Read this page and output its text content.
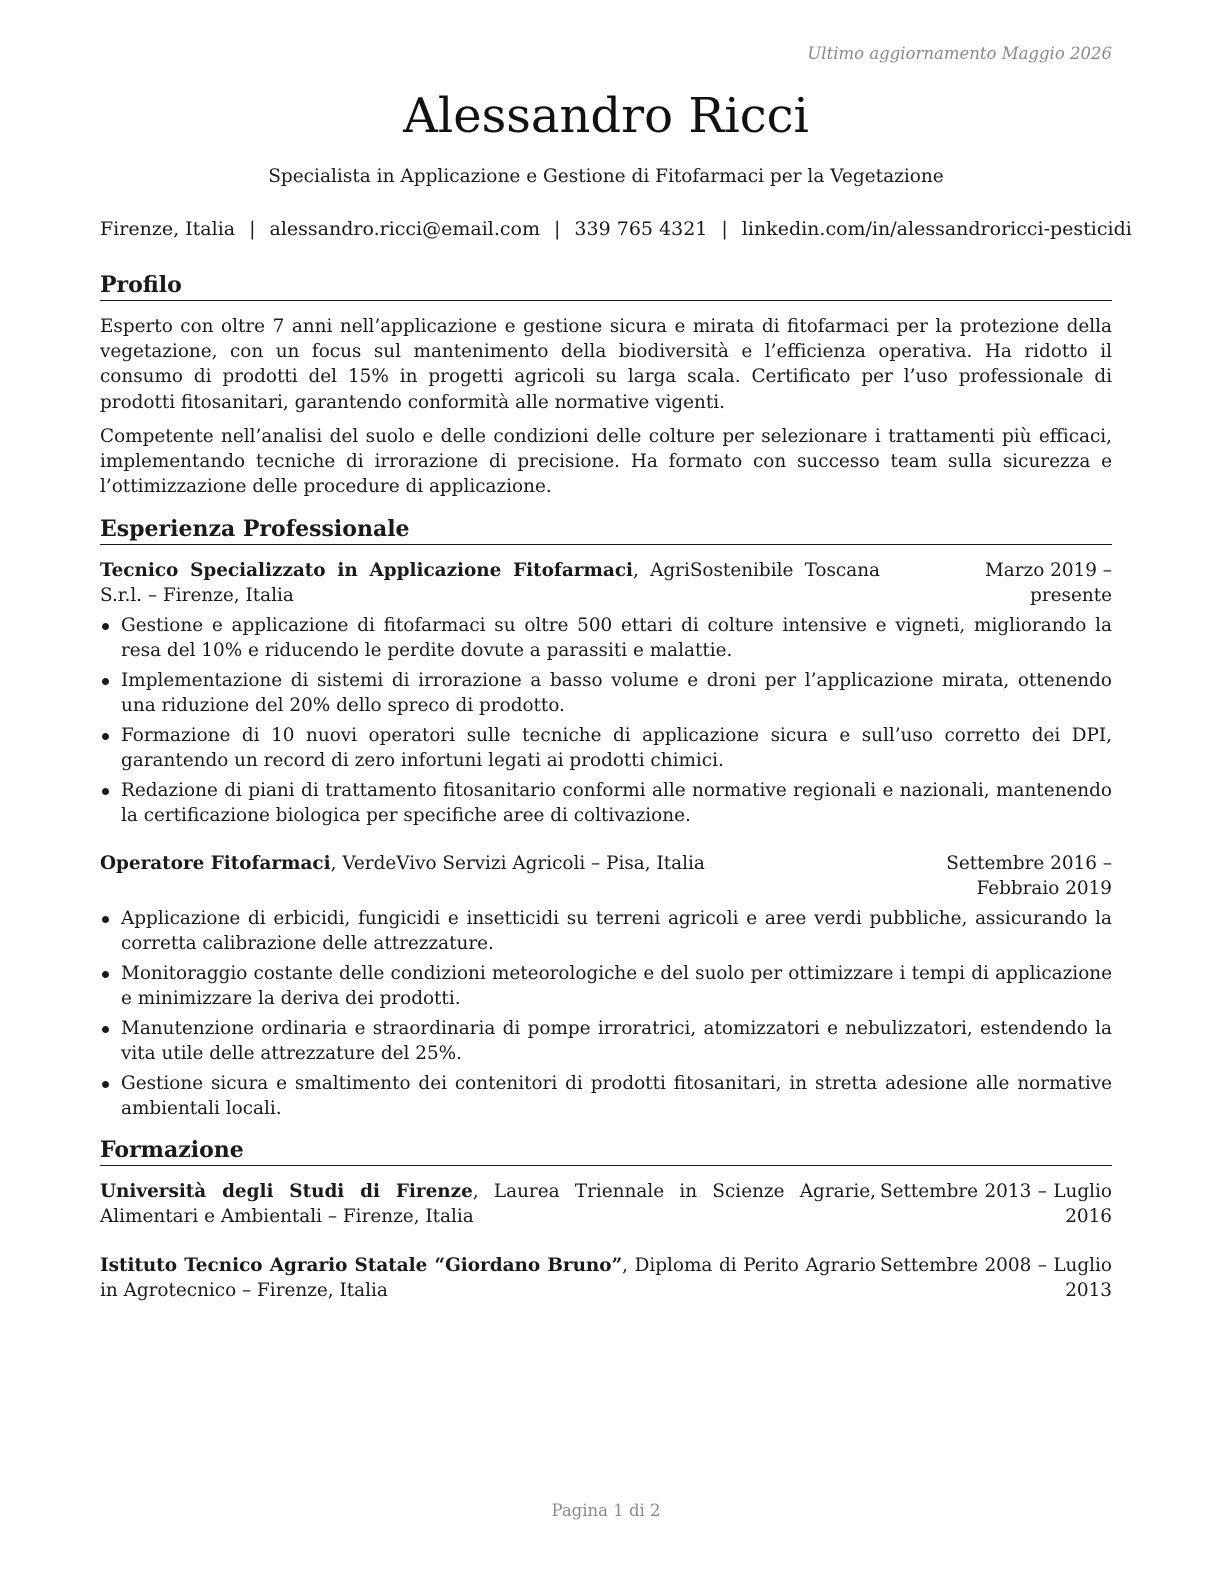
Ultimo aggiornamento Maggio 2026
Alessandro Ricci
Specialista in Applicazione e Gestione di Fitofarmaci per la Vegetazione
Firenze, Italia | alessandro.ricci@email.com | 339 765 4321 | linkedin.com/in/alessandroricci-pesticidi
Profilo
Esperto con oltre 7 anni nell’applicazione e gestione sicura e mirata di fitofarmaci per la protezione della vegetazione, con un focus sul mantenimento della biodiversità e l’efficienza operativa. Ha ridotto il consumo di prodotti del 15% in progetti agricoli su larga scala. Certificato per l’uso professionale di prodotti fitosanitari, garantendo conformità alle normative vigenti.
Competente nell’analisi del suolo e delle condizioni delle colture per selezionare i trattamenti più efficaci, implementando tecniche di irrorazione di precisione. Ha formato con successo team sulla sicurezza e l’ottimizzazione delle procedure di applicazione.
Esperienza Professionale
Tecnico Specializzato in Applicazione Fitofarmaci, AgriSostenibile Toscana S.r.l. – Firenze, Italia
Marzo 2019 – presente
Gestione e applicazione di fitofarmaci su oltre 500 ettari di colture intensive e vigneti, migliorando la resa del 10% e riducendo le perdite dovute a parassiti e malattie.
Implementazione di sistemi di irrorazione a basso volume e droni per l’applicazione mirata, ottenendo una riduzione del 20% dello spreco di prodotto.
Formazione di 10 nuovi operatori sulle tecniche di applicazione sicura e sull’uso corretto dei DPI, garantendo un record di zero infortuni legati ai prodotti chimici.
Redazione di piani di trattamento fitosanitario conformi alle normative regionali e nazionali, mantenendo la certificazione biologica per specifiche aree di coltivazione.
Operatore Fitofarmaci, VerdeVivo Servizi Agricoli – Pisa, Italia	Settembre 2016 – Febbraio 2019
Applicazione di erbicidi, fungicidi e insetticidi su terreni agricoli e aree verdi pubbliche, assicurando la corretta calibrazione delle attrezzature.
Monitoraggio costante delle condizioni meteorologiche e del suolo per ottimizzare i tempi di applicazione e minimizzare la deriva dei prodotti.
Manutenzione ordinaria e straordinaria di pompe irroratrici, atomizzatori e nebulizzatori, estendendo la vita utile delle attrezzature del 25%.
Gestione sicura e smaltimento dei contenitori di prodotti fitosanitari, in stretta adesione alle normative ambientali locali.
Formazione
Università degli Studi di Firenze, Laurea Triennale in Scienze Agrarie, Alimentari e Ambientali – Firenze, Italia
Settembre 2013 – Luglio 2016
Istituto Tecnico Agrario Statale “Giordano Bruno”, Diploma di Perito Agrario in Agrotecnico – Firenze, Italia
Settembre 2008 – Luglio 2013
Pagina 1 di 2
